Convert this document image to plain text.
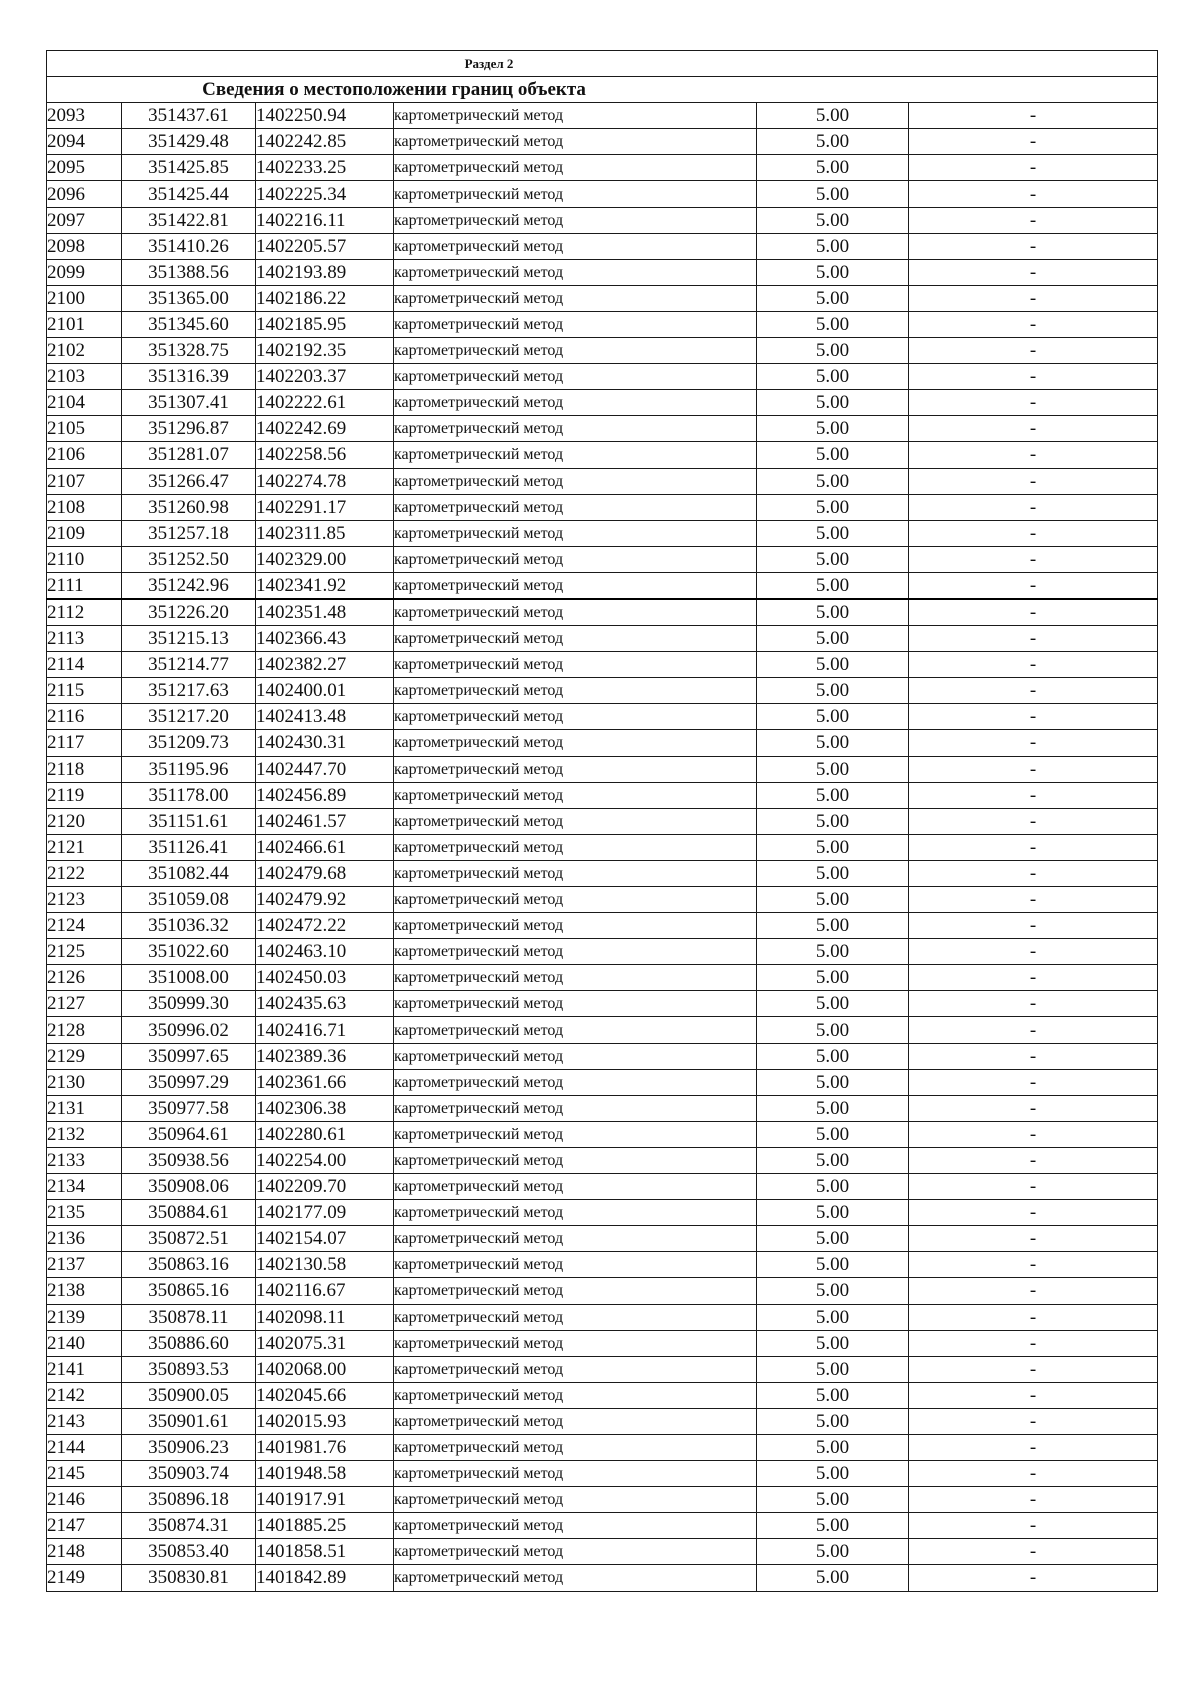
Раздел 2					
Сведения о местоположении границ объекта					
2093	351437.61	1402250.94	картометрический метод	5.00	-
2094	351429.48	1402242.85	картометрический метод	5.00	-
2095	351425.85	1402233.25	картометрический метод	5.00	-
2096	351425.44	1402225.34	картометрический метод	5.00	-
2097	351422.81	1402216.11	картометрический метод	5.00	-
2098	351410.26	1402205.57	картометрический метод	5.00	-
2099	351388.56	1402193.89	картометрический метод	5.00	-
2100	351365.00	1402186.22	картометрический метод	5.00	-
2101	351345.60	1402185.95	картометрический метод	5.00	-
2102	351328.75	1402192.35	картометрический метод	5.00	-
2103	351316.39	1402203.37	картометрический метод	5.00	-
2104	351307.41	1402222.61	картометрический метод	5.00	-
2105	351296.87	1402242.69	картометрический метод	5.00	-
2106	351281.07	1402258.56	картометрический метод	5.00	-
2107	351266.47	1402274.78	картометрический метод	5.00	-
2108	351260.98	1402291.17	картометрический метод	5.00	-
2109	351257.18	1402311.85	картометрический метод	5.00	-
2110	351252.50	1402329.00	картометрический метод	5.00	-
2111	351242.96	1402341.92	картометрический метод	5.00	-
2112	351226.20	1402351.48	картометрический метод	5.00	-
2113	351215.13	1402366.43	картометрический метод	5.00	-
2114	351214.77	1402382.27	картометрический метод	5.00	-
2115	351217.63	1402400.01	картометрический метод	5.00	-
2116	351217.20	1402413.48	картометрический метод	5.00	-
2117	351209.73	1402430.31	картометрический метод	5.00	-
2118	351195.96	1402447.70	картометрический метод	5.00	-
2119	351178.00	1402456.89	картометрический метод	5.00	-
2120	351151.61	1402461.57	картометрический метод	5.00	-
2121	351126.41	1402466.61	картометрический метод	5.00	-
2122	351082.44	1402479.68	картометрический метод	5.00	-
2123	351059.08	1402479.92	картометрический метод	5.00	-
2124	351036.32	1402472.22	картометрический метод	5.00	-
2125	351022.60	1402463.10	картометрический метод	5.00	-
2126	351008.00	1402450.03	картометрический метод	5.00	-
2127	350999.30	1402435.63	картометрический метод	5.00	-
2128	350996.02	1402416.71	картометрический метод	5.00	-
2129	350997.65	1402389.36	картометрический метод	5.00	-
2130	350997.29	1402361.66	картометрический метод	5.00	-
2131	350977.58	1402306.38	картометрический метод	5.00	-
2132	350964.61	1402280.61	картометрический метод	5.00	-
2133	350938.56	1402254.00	картометрический метод	5.00	-
2134	350908.06	1402209.70	картометрический метод	5.00	-
2135	350884.61	1402177.09	картометрический метод	5.00	-
2136	350872.51	1402154.07	картометрический метод	5.00	-
2137	350863.16	1402130.58	картометрический метод	5.00	-
2138	350865.16	1402116.67	картометрический метод	5.00	-
2139	350878.11	1402098.11	картометрический метод	5.00	-
2140	350886.60	1402075.31	картометрический метод	5.00	-
2141	350893.53	1402068.00	картометрический метод	5.00	-
2142	350900.05	1402045.66	картометрический метод	5.00	-
2143	350901.61	1402015.93	картометрический метод	5.00	-
2144	350906.23	1401981.76	картометрический метод	5.00	-
2145	350903.74	1401948.58	картометрический метод	5.00	-
2146	350896.18	1401917.91	картометрический метод	5.00	-
2147	350874.31	1401885.25	картометрический метод	5.00	-
2148	350853.40	1401858.51	картометрический метод	5.00	-
2149	350830.81	1401842.89	картометрический метод	5.00	-
